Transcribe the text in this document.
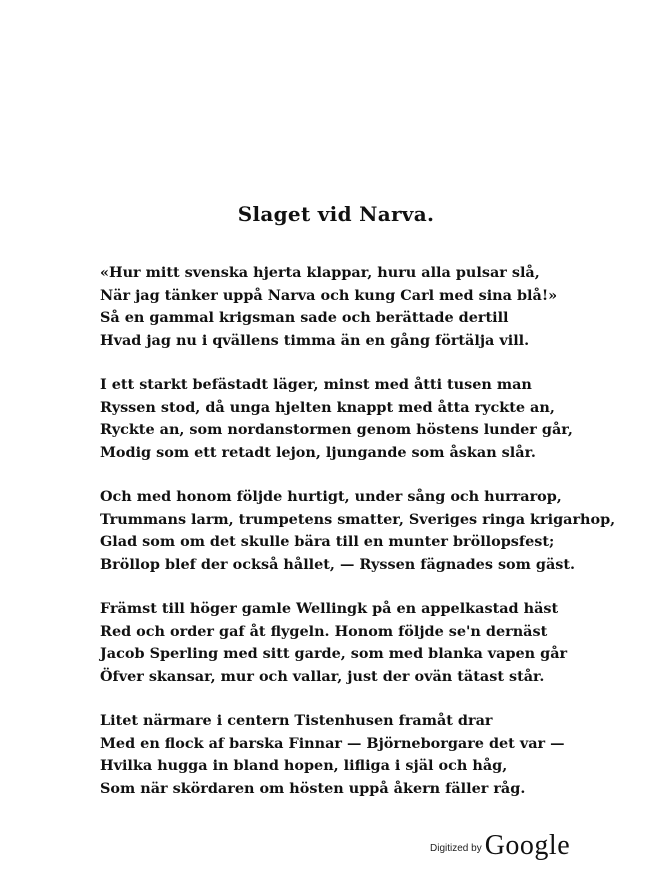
Slaget vid Narva.
«Hur mitt svenska hjerta klappar, huru alla pulsar slå,
När jag tänker uppå Narva och kung Carl med sina blå!»
Så en gammal krigsman sade och berättade dertill
Hvad jag nu i qvällens timma än en gång förtälja vill.
I ett starkt befästadt läger, minst med åtti tusen man
Ryssen stod, då unga hjelten knappt med åtta ryckte an,
Ryckte an, som nordanstormen genom höstens lunder går,
Modig som ett retadt lejon, ljungande som åskan slår.
Och med honom följde hurtigt, under sång och hurrarop,
Trummans larm, trumpetens smatter, Sveriges ringa krigarhop,
Glad som om det skulle bära till en munter bröllopsfest;
Bröllop blef der också hållet, — Ryssen fägnades som gäst.
Främst till höger gamle Wellingk på en appelkastad häst
Red och order gaf åt flygeln. Honom följde se'n dernäst
Jacob Sperling med sitt garde, som med blanka vapen går
Öfver skansar, mur och vallar, just der ovän tätast står.
Litet närmare i centern Tistenhusen framåt drar
Med en flock af barska Finnar — Björneborgare det var —
Hvilka hugga in bland hopen, lifliga i själ och håg,
Som när skördaren om hösten uppå åkern fäller råg.
Digitized by Google
